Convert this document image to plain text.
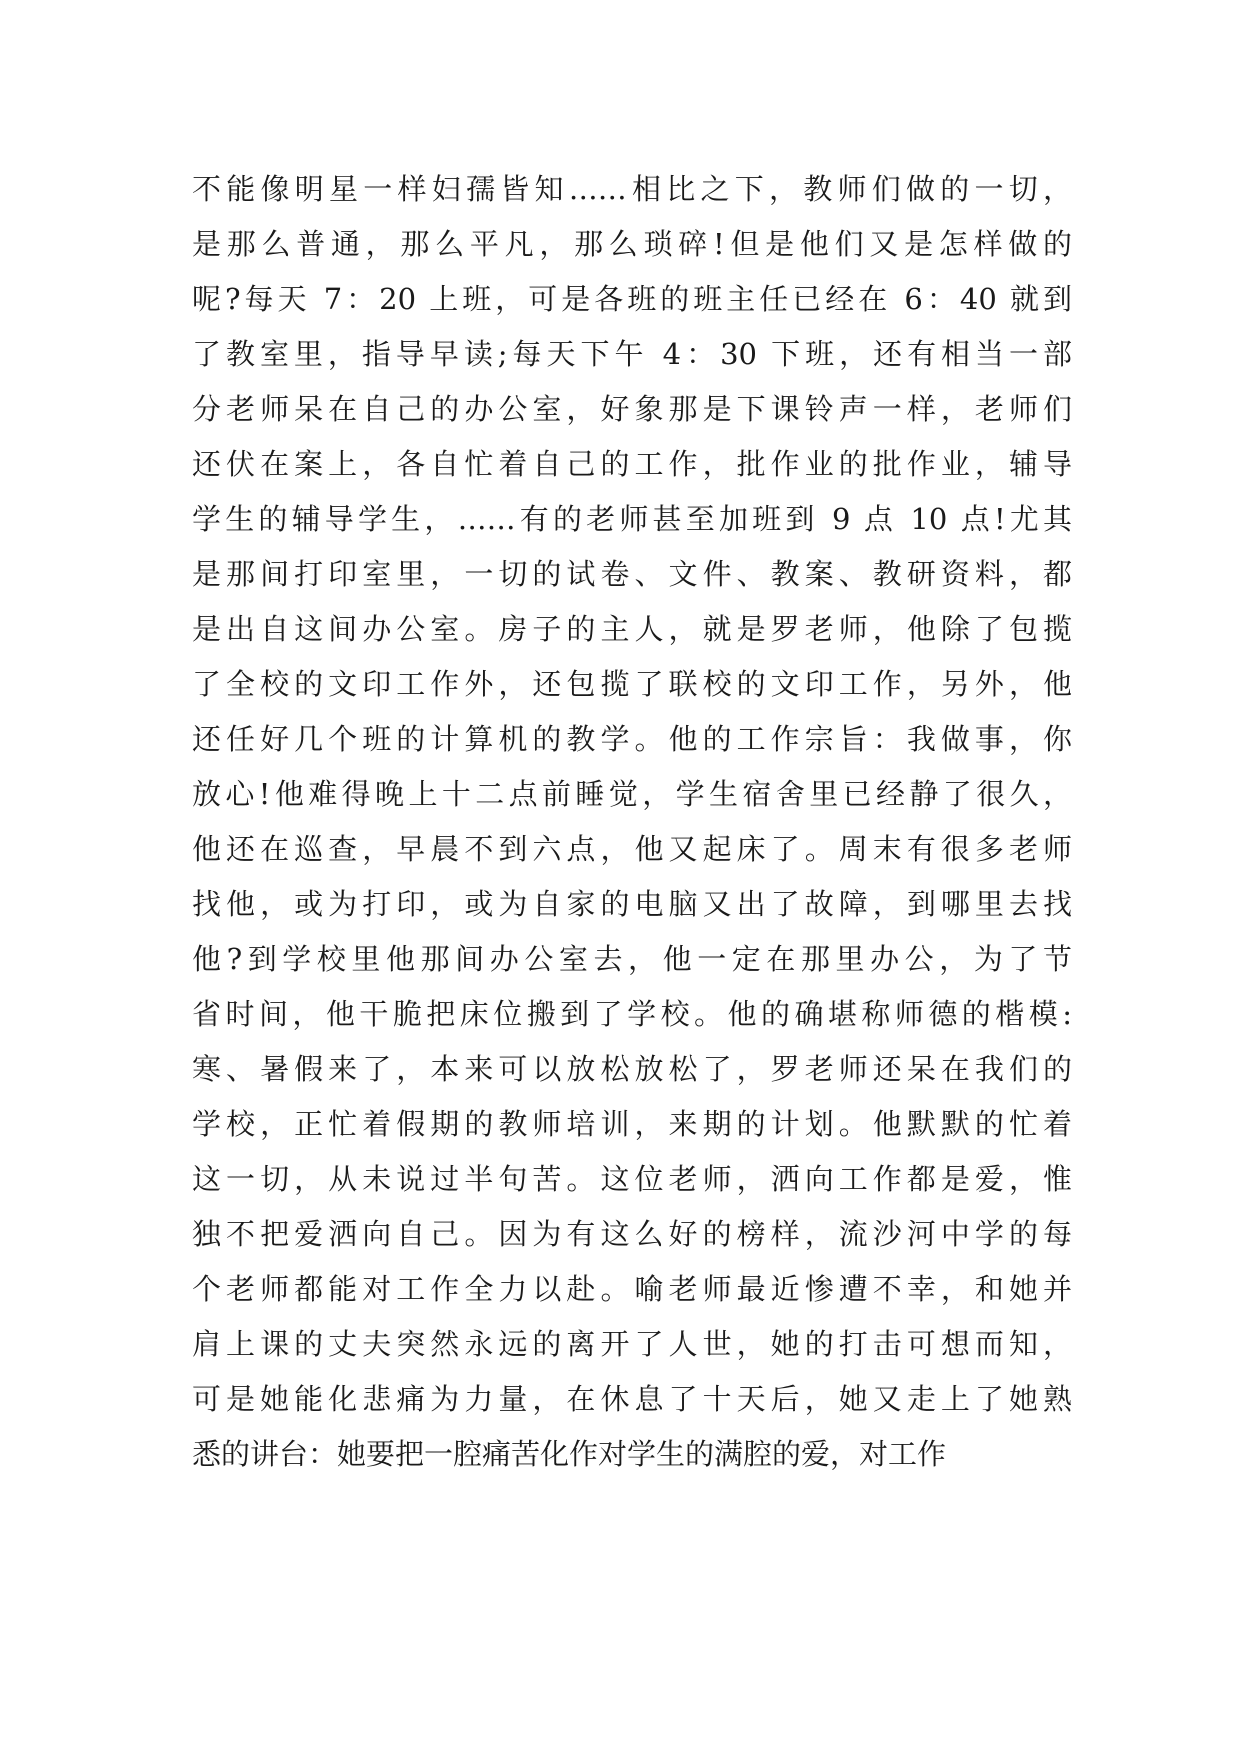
不能像明星一样妇孺皆知……相比之下，教师们做的一切，
是那么普通，那么平凡，那么琐碎!但是他们又是怎样做的
呢?每天 7：20 上班，可是各班的班主任已经在 6：40 就到
了教室里，指导早读;每天下午 4：30 下班，还有相当一部
分老师呆在自己的办公室，好象那是下课铃声一样，老师们
还伏在案上，各自忙着自己的工作，批作业的批作业，辅导
学生的辅导学生，……有的老师甚至加班到 9 点 10 点!尤其
是那间打印室里，一切的试卷、文件、教案、教研资料，都
是出自这间办公室。房子的主人，就是罗老师，他除了包揽
了全校的文印工作外，还包揽了联校的文印工作，另外，他
还任好几个班的计算机的教学。他的工作宗旨：我做事，你
放心!他难得晚上十二点前睡觉，学生宿舍里已经静了很久，
他还在巡查，早晨不到六点，他又起床了。周末有很多老师
找他，或为打印，或为自家的电脑又出了故障，到哪里去找
他?到学校里他那间办公室去，他一定在那里办公，为了节
省时间，他干脆把床位搬到了学校。他的确堪称师德的楷模:
寒、暑假来了，本来可以放松放松了，罗老师还呆在我们的
学校，正忙着假期的教师培训，来期的计划。他默默的忙着
这一切，从未说过半句苦。这位老师，洒向工作都是爱，惟
独不把爱洒向自己。因为有这么好的榜样，流沙河中学的每
个老师都能对工作全力以赴。喻老师最近惨遭不幸，和她并
肩上课的丈夫突然永远的离开了人世，她的打击可想而知，
可是她能化悲痛为力量，在休息了十天后，她又走上了她熟
悉的讲台：她要把一腔痛苦化作对学生的满腔的爱，对工作
